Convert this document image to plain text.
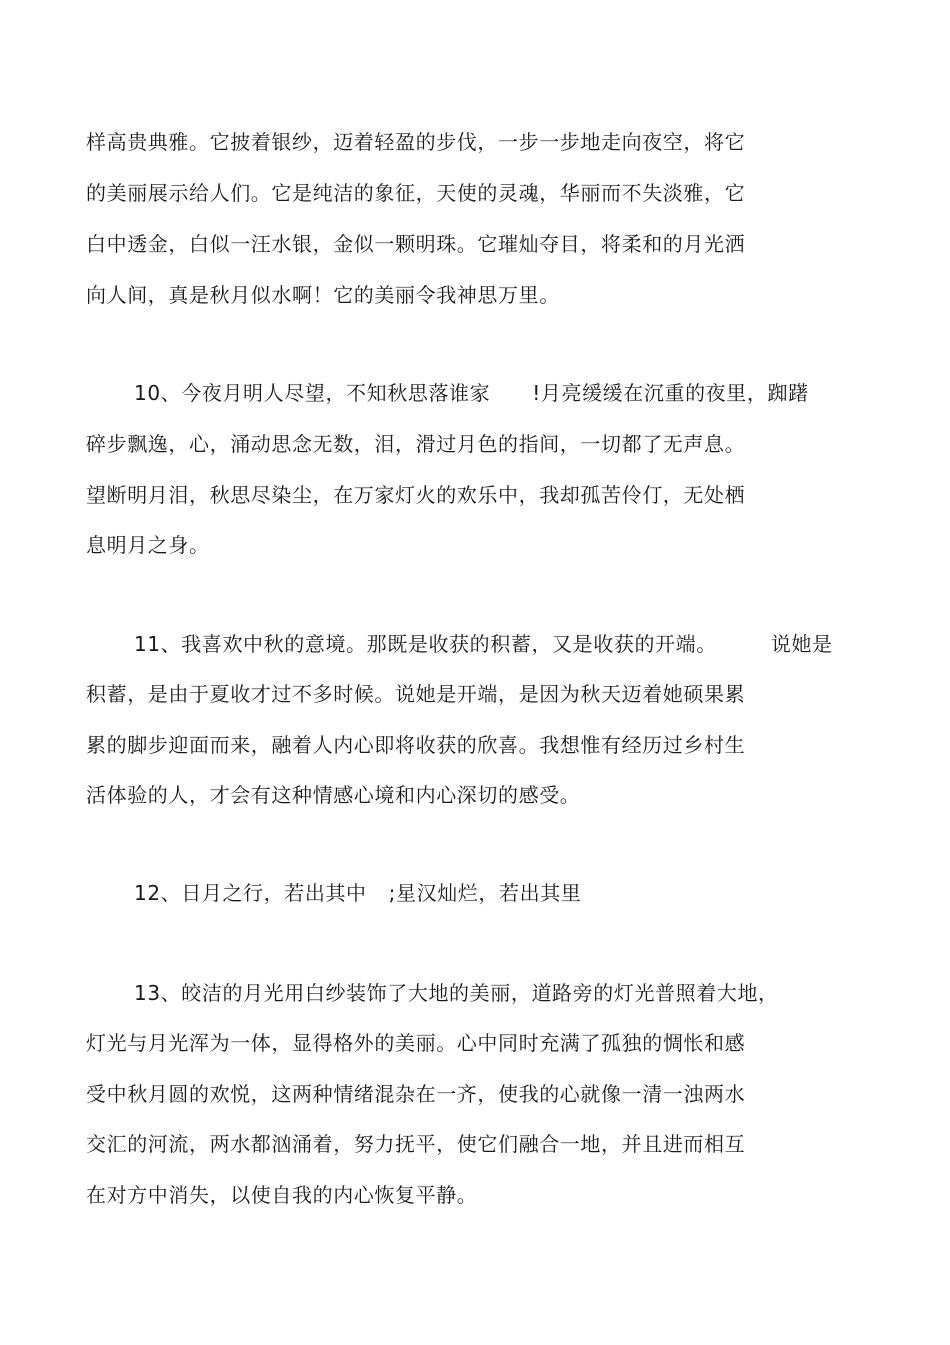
样高贵典雅。它披着银纱，迈着轻盈的步伐，一步一步地走向夜空，将它
的美丽展示给人们。它是纯洁的象征，天使的灵魂，华丽而不失淡雅，它
白中透金，白似一汪水银，金似一颗明珠。它璀灿夺目，将柔和的月光洒
向人间，真是秋月似水啊！它的美丽令我神思万里。
10、今夜月明人尽望，不知秋思落谁家 !月亮缓缓在沉重的夜里，踟躇
碎步飘逸，心，涌动思念无数，泪，滑过月色的指间，一切都了无声息。
望断明月泪，秋思尽染尘，在万家灯火的欢乐中，我却孤苦伶仃，无处栖
息明月之身。
11、我喜欢中秋的意境。那既是收获的积蓄，又是收获的开端。	说她是
积蓄，是由于夏收才过不多时候。说她是开端，是因为秋天迈着她硕果累
累的脚步迎面而来，融着人内心即将收获的欣喜。我想惟有经历过乡村生
活体验的人，才会有这种情感心境和内心深切的感受。
12、日月之行，若出其中 ;星汉灿烂，若出其里
13、皎洁的月光用白纱装饰了大地的美丽，道路旁的灯光普照着大地，
灯光与月光浑为一体，显得格外的美丽。心中同时充满了孤独的惆怅和感
受中秋月圆的欢悦，这两种情绪混杂在一齐，使我的心就像一清一浊两水
交汇的河流，两水都汹涌着，努力抚平，使它们融合一地，并且进而相互
在对方中消失，以使自我的内心恢复平静。
